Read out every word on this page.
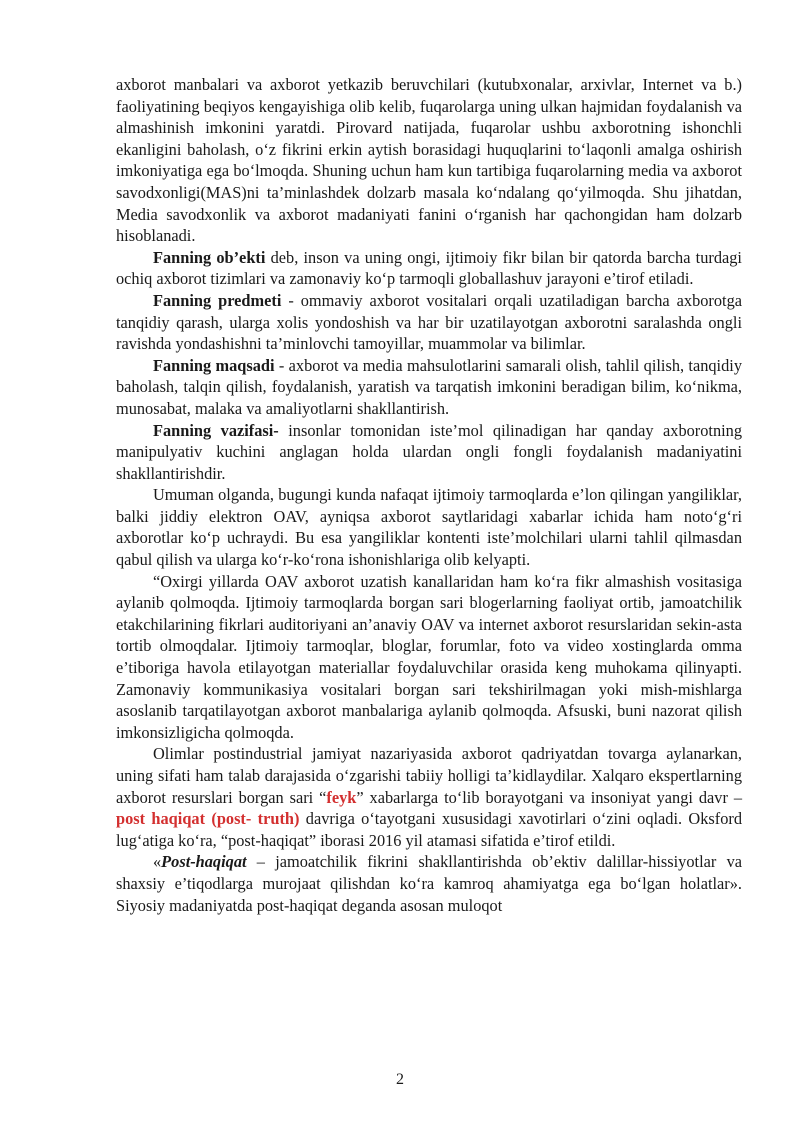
axborot manbalari va axborot yetkazib beruvchilari (kutubxonalar, arxivlar, Internet va b.) faoliyatining beqiyos kengayishiga olib kelib, fuqarolarga uning ulkan hajmidan foydalanish va almashinish imkonini yaratdi. Pirovard natijada, fuqarolar ushbu axborotning ishonchli ekanligini baholash, o‘z fikrini erkin aytish borasidagi huquqlarini to‘laqonli amalga oshirish imkoniyatiga ega bo‘lmoqda. Shuning uchun ham kun tartibiga fuqarolarning media va axborot savodxonligi(MAS)ni ta’minlashdek dolzarb masala ko‘ndalang qo‘yilmoqda. Shu jihatdan, Media savodxonlik va axborot madaniyati fanini o‘rganish har qachongidan ham dolzarb hisoblanadi.

Fanning ob’ekti deb, inson va uning ongi, ijtimoiy fikr bilan bir qatorda barcha turdagi ochiq axborot tizimlari va zamonaviy ko‘p tarmoqli globallashuv jarayoni e’tirof etiladi.

Fanning predmeti - ommaviy axborot vositalari orqali uzatiladigan barcha axborotga tanqidiy qarash, ularga xolis yondoshish va har bir uzatilayotgan axborotni saralashda ongli ravishda yondashishni ta’minlovchi tamoyillar, muammolar va bilimlar.

Fanning maqsadi - axborot va media mahsulotlarini samarali olish, tahlil qilish, tanqidiy baholash, talqin qilish, foydalanish, yaratish va tarqatish imkonini beradigan bilim, ko‘nikma, munosabat, malaka va amaliyotlarni shakllantirish.

Fanning vazifasi- insonlar tomonidan iste’mol qilinadigan har qanday axborotning manipulyativ kuchini anglagan holda ulardan ongli fongli foydalanish madaniyatini shakllantirishdir.

Umuman olganda, bugungi kunda nafaqat ijtimoiy tarmoqlarda e’lon qilingan yangiliklar, balki jiddiy elektron OAV, ayniqsa axborot saytlaridagi xabarlar ichida ham noto‘g‘ri axborotlar ko‘p uchraydi. Bu esa yangiliklar kontenti iste’molchilari ularni tahlil qilmasdan qabul qilish va ularga ko‘r-ko‘rona ishonishlariga olib kelyapti.

“Oxirgi yillarda OAV axborot uzatish kanallaridan ham ko‘ra fikr almashish vositasiga aylanib qolmoqda. Ijtimoiy tarmoqlarda borgan sari blogerlarning faoliyat ortib, jamoatchilik etakchilarining fikrlari auditoriyani an’anaviy OAV va internet axborot resurslaridan sekin-asta tortib olmoqdalar. Ijtimoiy tarmoqlar, bloglar, forumlar, foto va video xostinglarda omma e’tiboriga havola etilayotgan materiallar foydaluvchilar orasida keng muhokama qilinyapti. Zamonaviy kommunikasiya vositalari borgan sari tekshirilmagan yoki mish-mishlarga asoslanib tarqatilayotgan axborot manbalariga aylanib qolmoqda. Afsuski, buni nazorat qilish imkonsizligicha qolmoqda.

Olimlar postindustrial jamiyat nazariyasida axborot qadriyatdan tovarga aylanarkan, uning sifati ham talab darajasida o‘zgarishi tabiiy holligi ta’kidlaydilar. Xalqaro ekspertlarning axborot resurslari borgan sari “feyk” xabarlarga to‘lib borayotgani va insoniyat yangi davr – post haqiqat (post- truth) davriga o‘tayotgani xususidagi xavotirlari o‘zini oqladi. Oksford lug‘atiga ko‘ra, “post-haqiqat” iborasi 2016 yil atamasi sifatida e’tirof etildi.

«Post-haqiqat – jamoatchilik fikrini shakllantirishda ob’ektiv dalillar-hissiyotlar va shaxsiy e’tiqodlarga murojaat qilishdan ko‘ra kamroq ahamiyatga ega bo‘lgan holatlar». Siyosiy madaniyatda post-haqiqat deganda asosan muloqot

2
